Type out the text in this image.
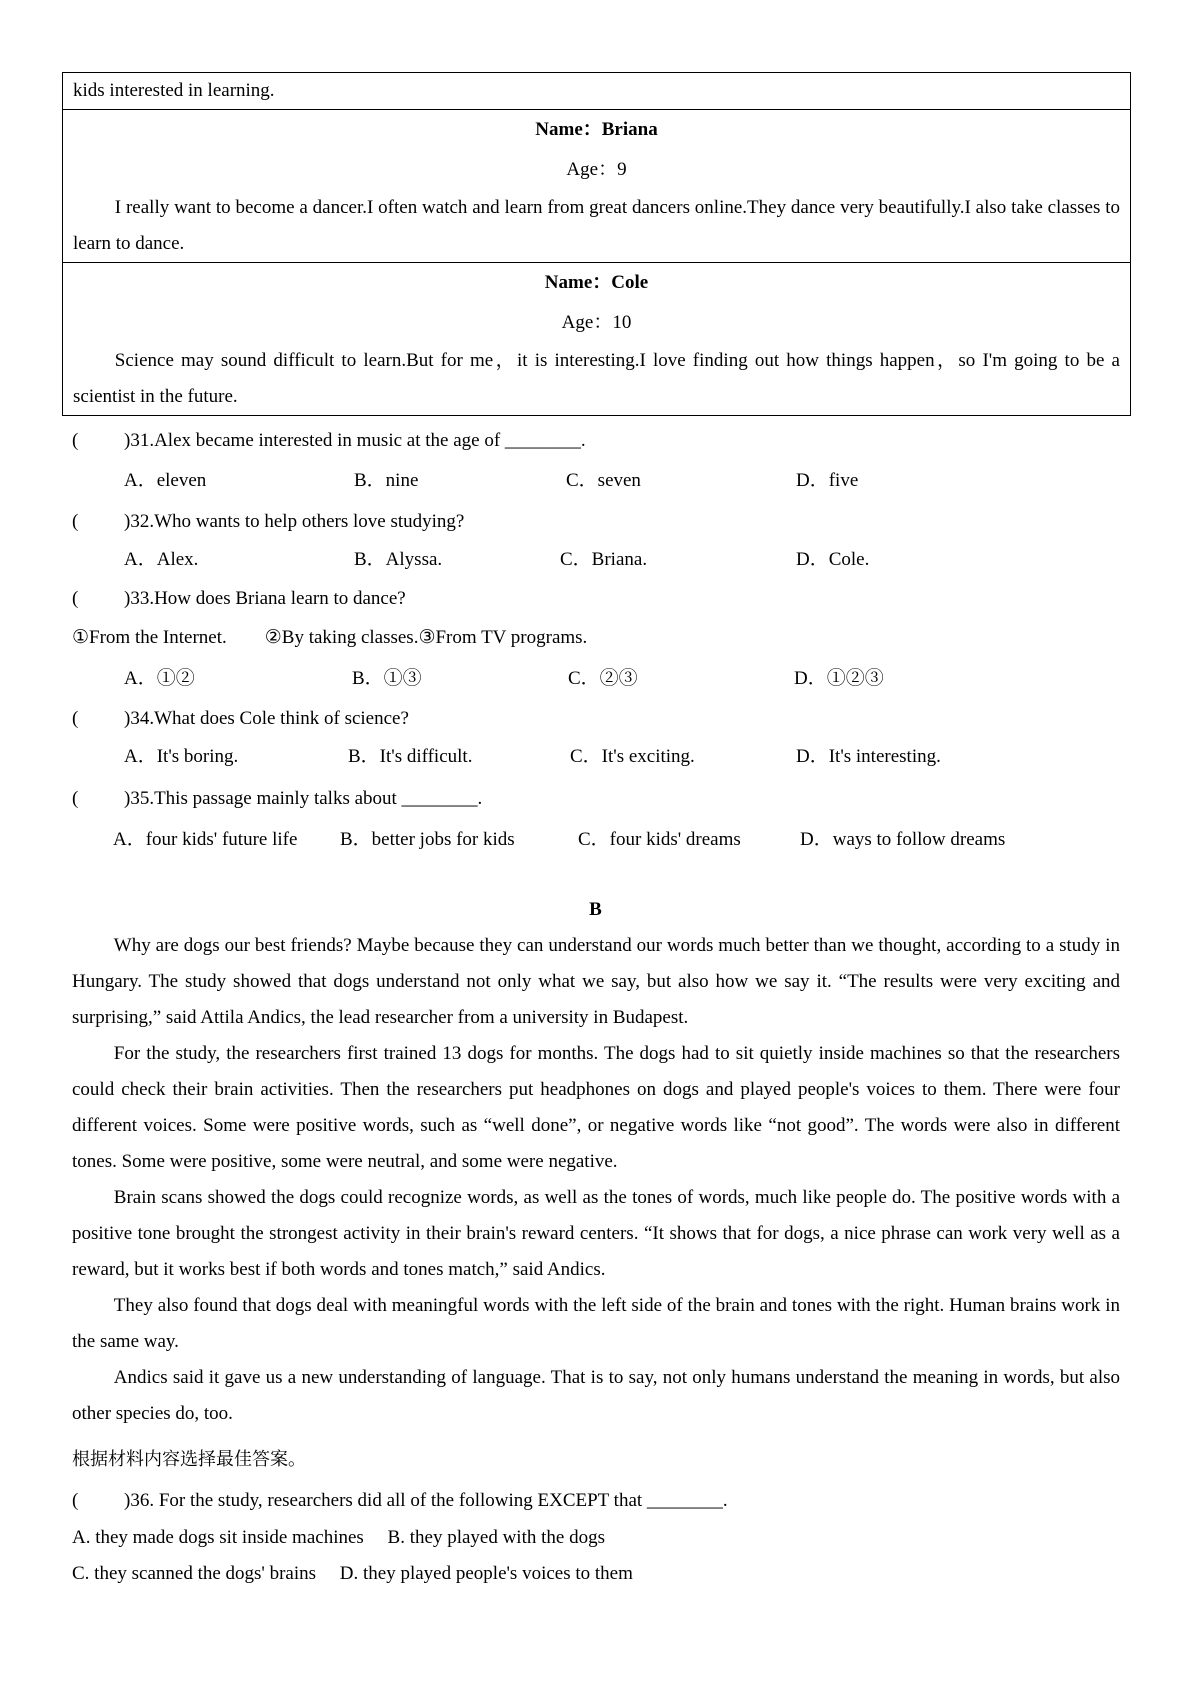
kids interested in learning.
Name：Briana
Age：9
I really want to become a dancer.I often watch and learn from great dancers online.They dance very beautifully.I also take classes to learn to dance.
Name：Cole
Age：10
Science may sound difficult to learn.But for me，it is interesting.I love finding out how things happen，so I'm going to be a scientist in the future.
( )31.Alex became interested in music at the age of ________.
A．eleven	B．nine	C．seven	D．five
( )32.Who wants to help others love studying?
A．Alex.	B．Alyssa.	C．Briana.	D．Cole.
( )33.How does Briana learn to dance?
①From the Internet.　　②By taking classes.③From TV programs.
A．①②	B．①③	C．②③	D．①②③
( )34.What does Cole think of science?
A．It's boring.	B．It's difficult.	C．It's exciting.	D．It's interesting.
( )35.This passage mainly talks about ________.
A．four kids' future life B．better jobs for kids	C．four kids' dreams	D．ways to follow dreams
B

Why are dogs our best friends? Maybe because they can understand our words much better than we thought, according to a study in Hungary. The study showed that dogs understand not only what we say, but also how we say it. “The results were very exciting and surprising,” said Attila Andics, the lead researcher from a university in Budapest.

For the study, the researchers first trained 13 dogs for months. The dogs had to sit quietly inside machines so that the researchers could check their brain activities. Then the researchers put headphones on dogs and played people's voices to them. There were four different voices. Some were positive words, such as “well done”, or negative words like “not good”. The words were also in different tones. Some were positive, some were neutral, and some were negative.

Brain scans showed the dogs could recognize words, as well as the tones of words, much like people do. The positive words with a positive tone brought the strongest activity in their brain's reward centers. “It shows that for dogs, a nice phrase can work very well as a reward, but it works best if both words and tones match,” said Andics.

They also found that dogs deal with meaningful words with the left side of the brain and tones with the right. Human brains work in the same way.

Andics said it gave us a new understanding of language. That is to say, not only humans understand the meaning in words, but also other species do, too.

根据材料内容选择最佳答案。
( )36. For the study, researchers did all of the following EXCEPT that ________.
A. they made dogs sit inside machines　 B. they played with the dogs
C. they scanned the dogs' brains　 D. they played people's voices to them
